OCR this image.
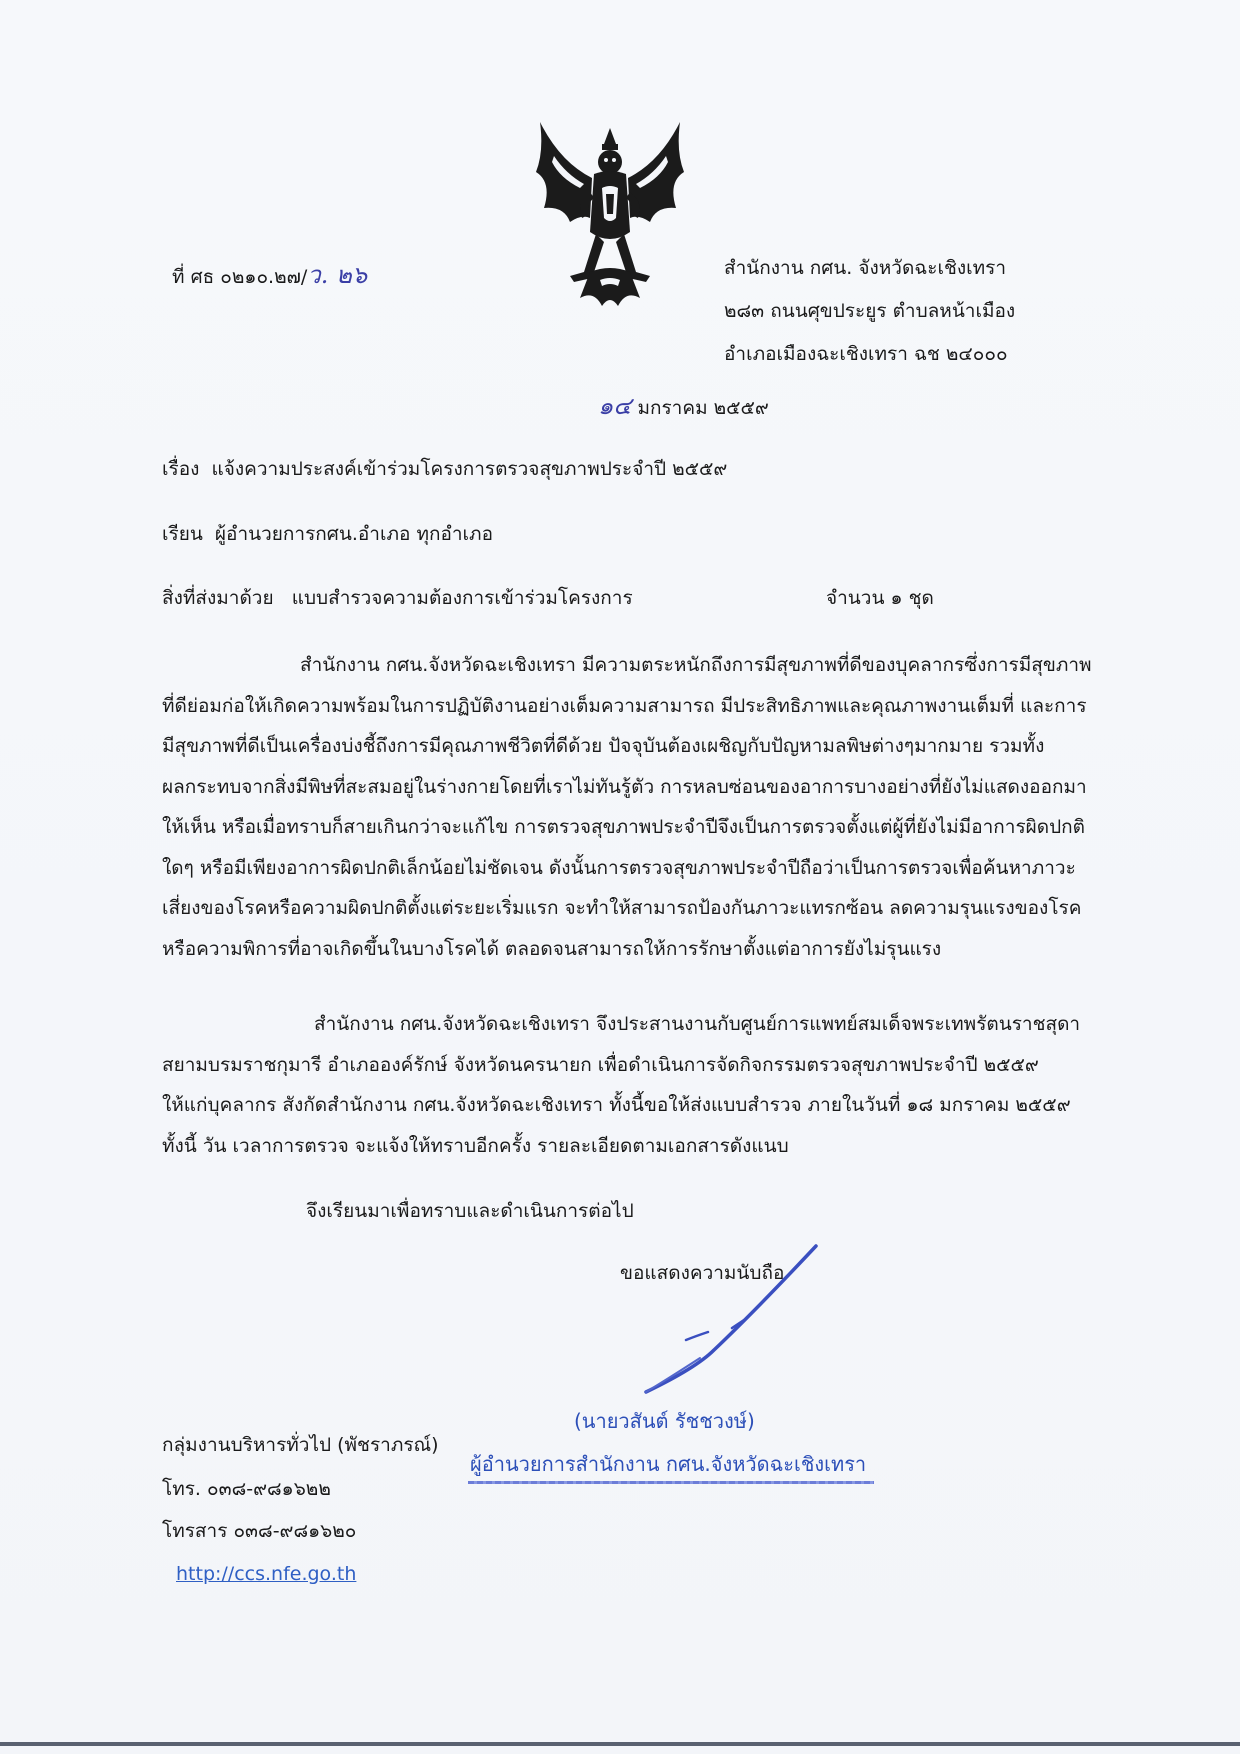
ที่ ศธ ๐๒๑๐.๒๗/ว. ๒๖	สำนักงาน กศน. จังหวัดฉะเชิงเทรา
๒๘๓ ถนนศุขประยูร ตำบลหน้าเมือง
อำเภอเมืองฉะเชิงเทรา ฉช ๒๔๐๐๐
๑๔ มกราคม ๒๕๕๙
เรื่อง แจ้งความประสงค์เข้าร่วมโครงการตรวจสุขภาพประจำปี ๒๕๕๙
เรียน ผู้อำนวยการกศน.อำเภอ ทุกอำเภอ
สิ่งที่ส่งมาด้วย แบบสำรวจความต้องการเข้าร่วมโครงการ	จำนวน ๑ ชุด
สำนักงาน กศน.จังหวัดฉะเชิงเทรา มีความตระหนักถึงการมีสุขภาพที่ดีของบุคลากรซึ่งการมีสุขภาพ
ที่ดีย่อมก่อให้เกิดความพร้อมในการปฏิบัติงานอย่างเต็มความสามารถ มีประสิทธิภาพและคุณภาพงานเต็มที่ และการ
มีสุขภาพที่ดีเป็นเครื่องบ่งชี้ถึงการมีคุณภาพชีวิตที่ดีด้วย ปัจจุบันต้องเผชิญกับปัญหามลพิษต่างๆมากมาย รวมทั้ง
ผลกระทบจากสิ่งมีพิษที่สะสมอยู่ในร่างกายโดยที่เราไม่ทันรู้ตัว การหลบซ่อนของอาการบางอย่างที่ยังไม่แสดงออกมา
ให้เห็น หรือเมื่อทราบก็สายเกินกว่าจะแก้ไข การตรวจสุขภาพประจำปีจึงเป็นการตรวจตั้งแต่ผู้ที่ยังไม่มีอาการผิดปกติ
ใดๆ หรือมีเพียงอาการผิดปกติเล็กน้อยไม่ชัดเจน ดังนั้นการตรวจสุขภาพประจำปีถือว่าเป็นการตรวจเพื่อค้นหาภาวะ
เสี่ยงของโรคหรือความผิดปกติตั้งแต่ระยะเริ่มแรก จะทำให้สามารถป้องกันภาวะแทรกซ้อน ลดความรุนแรงของโรค
หรือความพิการที่อาจเกิดขึ้นในบางโรคได้ ตลอดจนสามารถให้การรักษาตั้งแต่อาการยังไม่รุนแรง
สำนักงาน กศน.จังหวัดฉะเชิงเทรา จึงประสานงานกับศูนย์การแพทย์สมเด็จพระเทพรัตนราชสุดา
สยามบรมราชกุมารี อำเภอองค์รักษ์ จังหวัดนครนายก เพื่อดำเนินการจัดกิจกรรมตรวจสุขภาพประจำปี ๒๕๕๙
ให้แก่บุคลากร สังกัดสำนักงาน กศน.จังหวัดฉะเชิงเทรา ทั้งนี้ขอให้ส่งแบบสำรวจ ภายในวันที่ ๑๘ มกราคม ๒๕๕๙
ทั้งนี้ วัน เวลาการตรวจ จะแจ้งให้ทราบอีกครั้ง รายละเอียดตามเอกสารดังแนบ
จึงเรียนมาเพื่อทราบและดำเนินการต่อไป
ขอแสดงความนับถือ
(นายวสันต์ รัชชวงษ์)
ผู้อำนวยการสำนักงาน กศน.จังหวัดฉะเชิงเทรา
กลุ่มงานบริหารทั่วไป (พัชราภรณ์)
โทร. ๐๓๘-๙๘๑๖๒๒
โทรสาร ๐๓๘-๙๘๑๖๒๐
http://ccs.nfe.go.th
